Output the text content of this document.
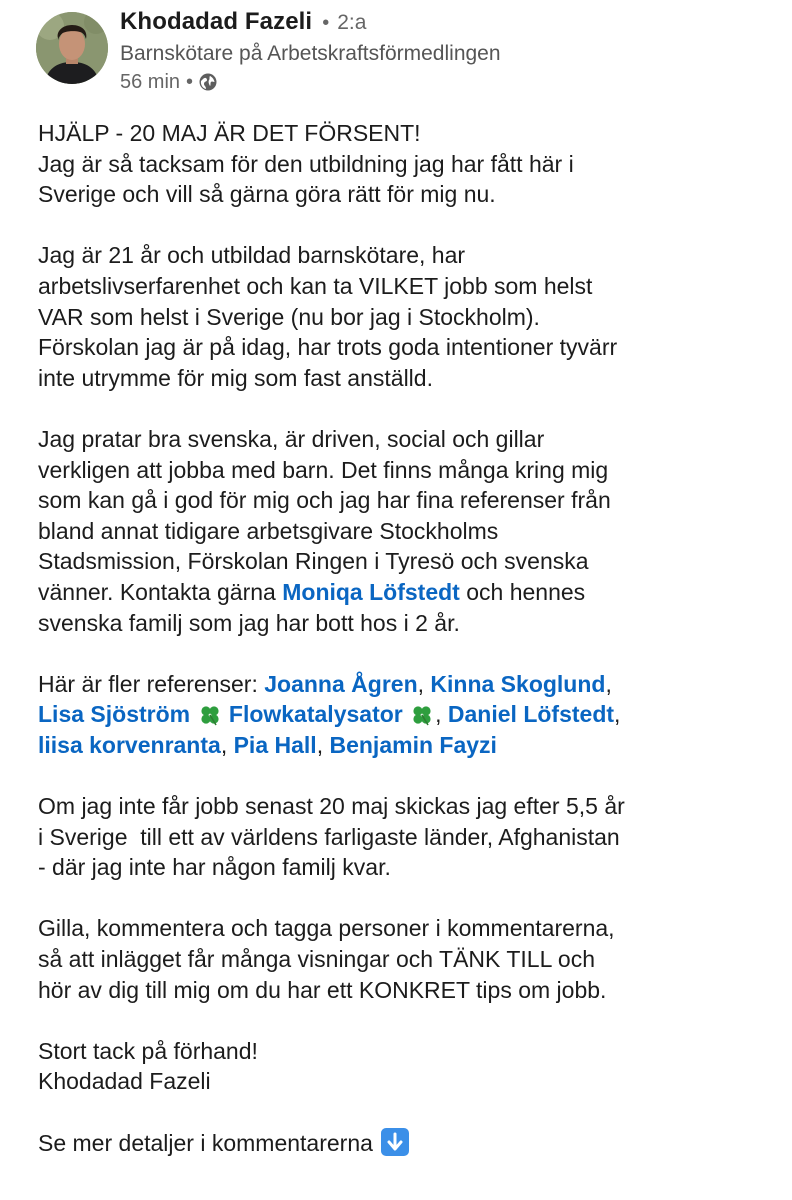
Khodadad Fazeli • 2:a
Barnskötare på Arbetskraftsförmedlingen
56 min •

HJÄLP - 20 MAJ ÄR DET FÖRSENT!

Jag är så tacksam för den utbildning jag har fått här i

Sverige och vill så gärna göra rätt för mig nu.

Jag är 21 år och utbildad barnskötare, har

arbetslivserfarenhet och kan ta VILKET jobb som helst

VAR som helst i Sverige (nu bor jag i Stockholm).

Förskolan jag är på idag, har trots goda intentioner tyvärr

inte utrymme för mig som fast anställd.

Jag pratar bra svenska, är driven, social och gillar

verkligen att jobba med barn. Det finns många kring mig

som kan gå i god för mig och jag har fina referenser från

bland annat tidigare arbetsgivare Stockholms

Stadsmission, Förskolan Ringen i Tyresö och svenska

vänner. Kontakta gärna Moniqa Löfstedt och hennes

svenska familj som jag har bott hos i 2 år.

Här är fler referenser: Joanna Ågren, Kinna Skoglund,

Lisa Sjöström Flowkatalysator , Daniel Löfstedt,

liisa korvenranta, Pia Hall, Benjamin Fayzi

Om jag inte får jobb senast 20 maj skickas jag efter 5,5 år

i Sverige  till ett av världens farligaste länder, Afghanistan

- där jag inte har någon familj kvar.

Gilla, kommentera och tagga personer i kommentarerna,

så att inlägget får många visningar och TÄNK TILL och

hör av dig till mig om du har ett KONKRET tips om jobb.

Stort tack på förhand!

Khodadad Fazeli

Se mer detaljer i kommentarerna
